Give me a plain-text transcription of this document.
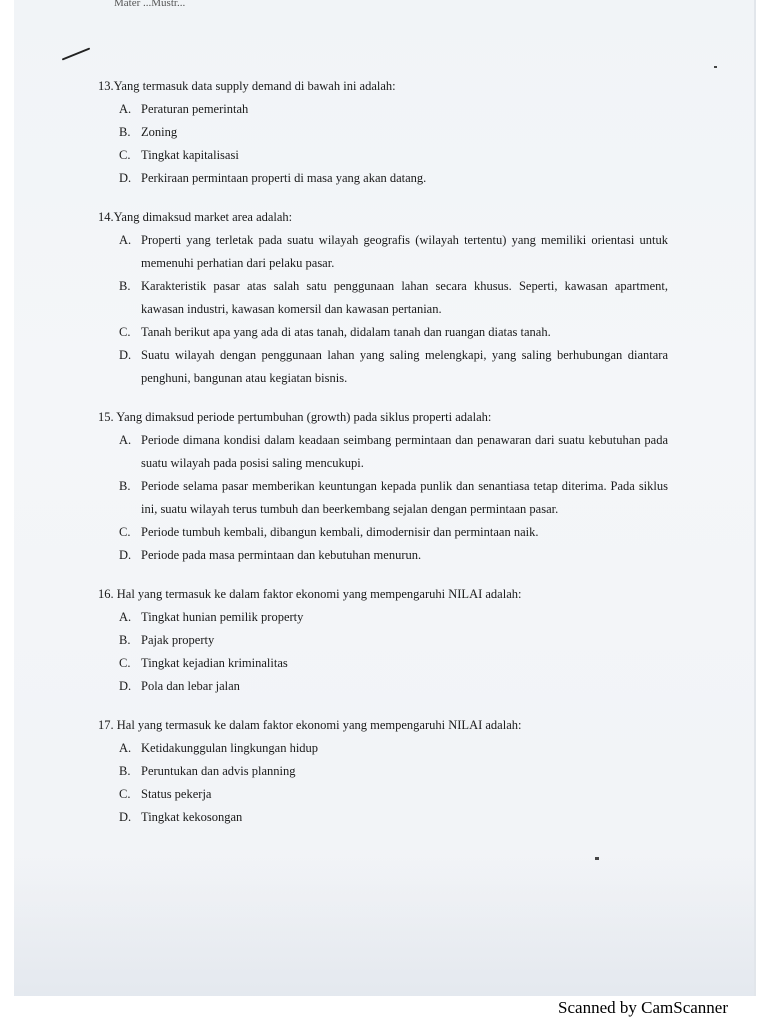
Mater ...Mustr...
13.Yang termasuk data supply demand di bawah ini adalah:
A. Peraturan pemerintah
B. Zoning
C. Tingkat kapitalisasi
D. Perkiraan permintaan properti di masa yang akan datang.
14.Yang dimaksud market area adalah:
A. Properti yang terletak pada suatu wilayah geografis (wilayah tertentu) yang memiliki orientasi untuk memenuhi perhatian dari pelaku pasar.
B. Karakteristik pasar atas salah satu penggunaan lahan secara khusus. Seperti, kawasan apartment, kawasan industri, kawasan komersil dan kawasan pertanian.
C. Tanah berikut apa yang ada di atas tanah, didalam tanah dan ruangan diatas tanah.
D. Suatu wilayah dengan penggunaan lahan yang saling melengkapi, yang saling berhubungan diantara penghuni, bangunan atau kegiatan bisnis.
15. Yang dimaksud periode pertumbuhan (growth) pada siklus properti adalah:
A. Periode dimana kondisi dalam keadaan seimbang permintaan dan penawaran dari suatu kebutuhan pada suatu wilayah pada posisi saling mencukupi.
B. Periode selama pasar memberikan keuntungan kepada punlik dan senantiasa tetap diterima. Pada siklus ini, suatu wilayah terus tumbuh dan beerkembang sejalan dengan permintaan pasar.
C. Periode tumbuh kembali, dibangun kembali, dimodernisir dan permintaan naik.
D. Periode pada masa permintaan dan kebutuhan menurun.
16. Hal yang termasuk ke dalam faktor ekonomi yang mempengaruhi NILAI adalah:
A. Tingkat hunian pemilik property
B. Pajak property
C. Tingkat kejadian kriminalitas
D. Pola dan lebar jalan
17. Hal yang termasuk ke dalam faktor ekonomi yang mempengaruhi NILAI adalah:
A. Ketidakunggulan lingkungan hidup
B. Peruntukan dan advis planning
C. Status pekerja
D. Tingkat kekosongan
Scanned by CamScanner
